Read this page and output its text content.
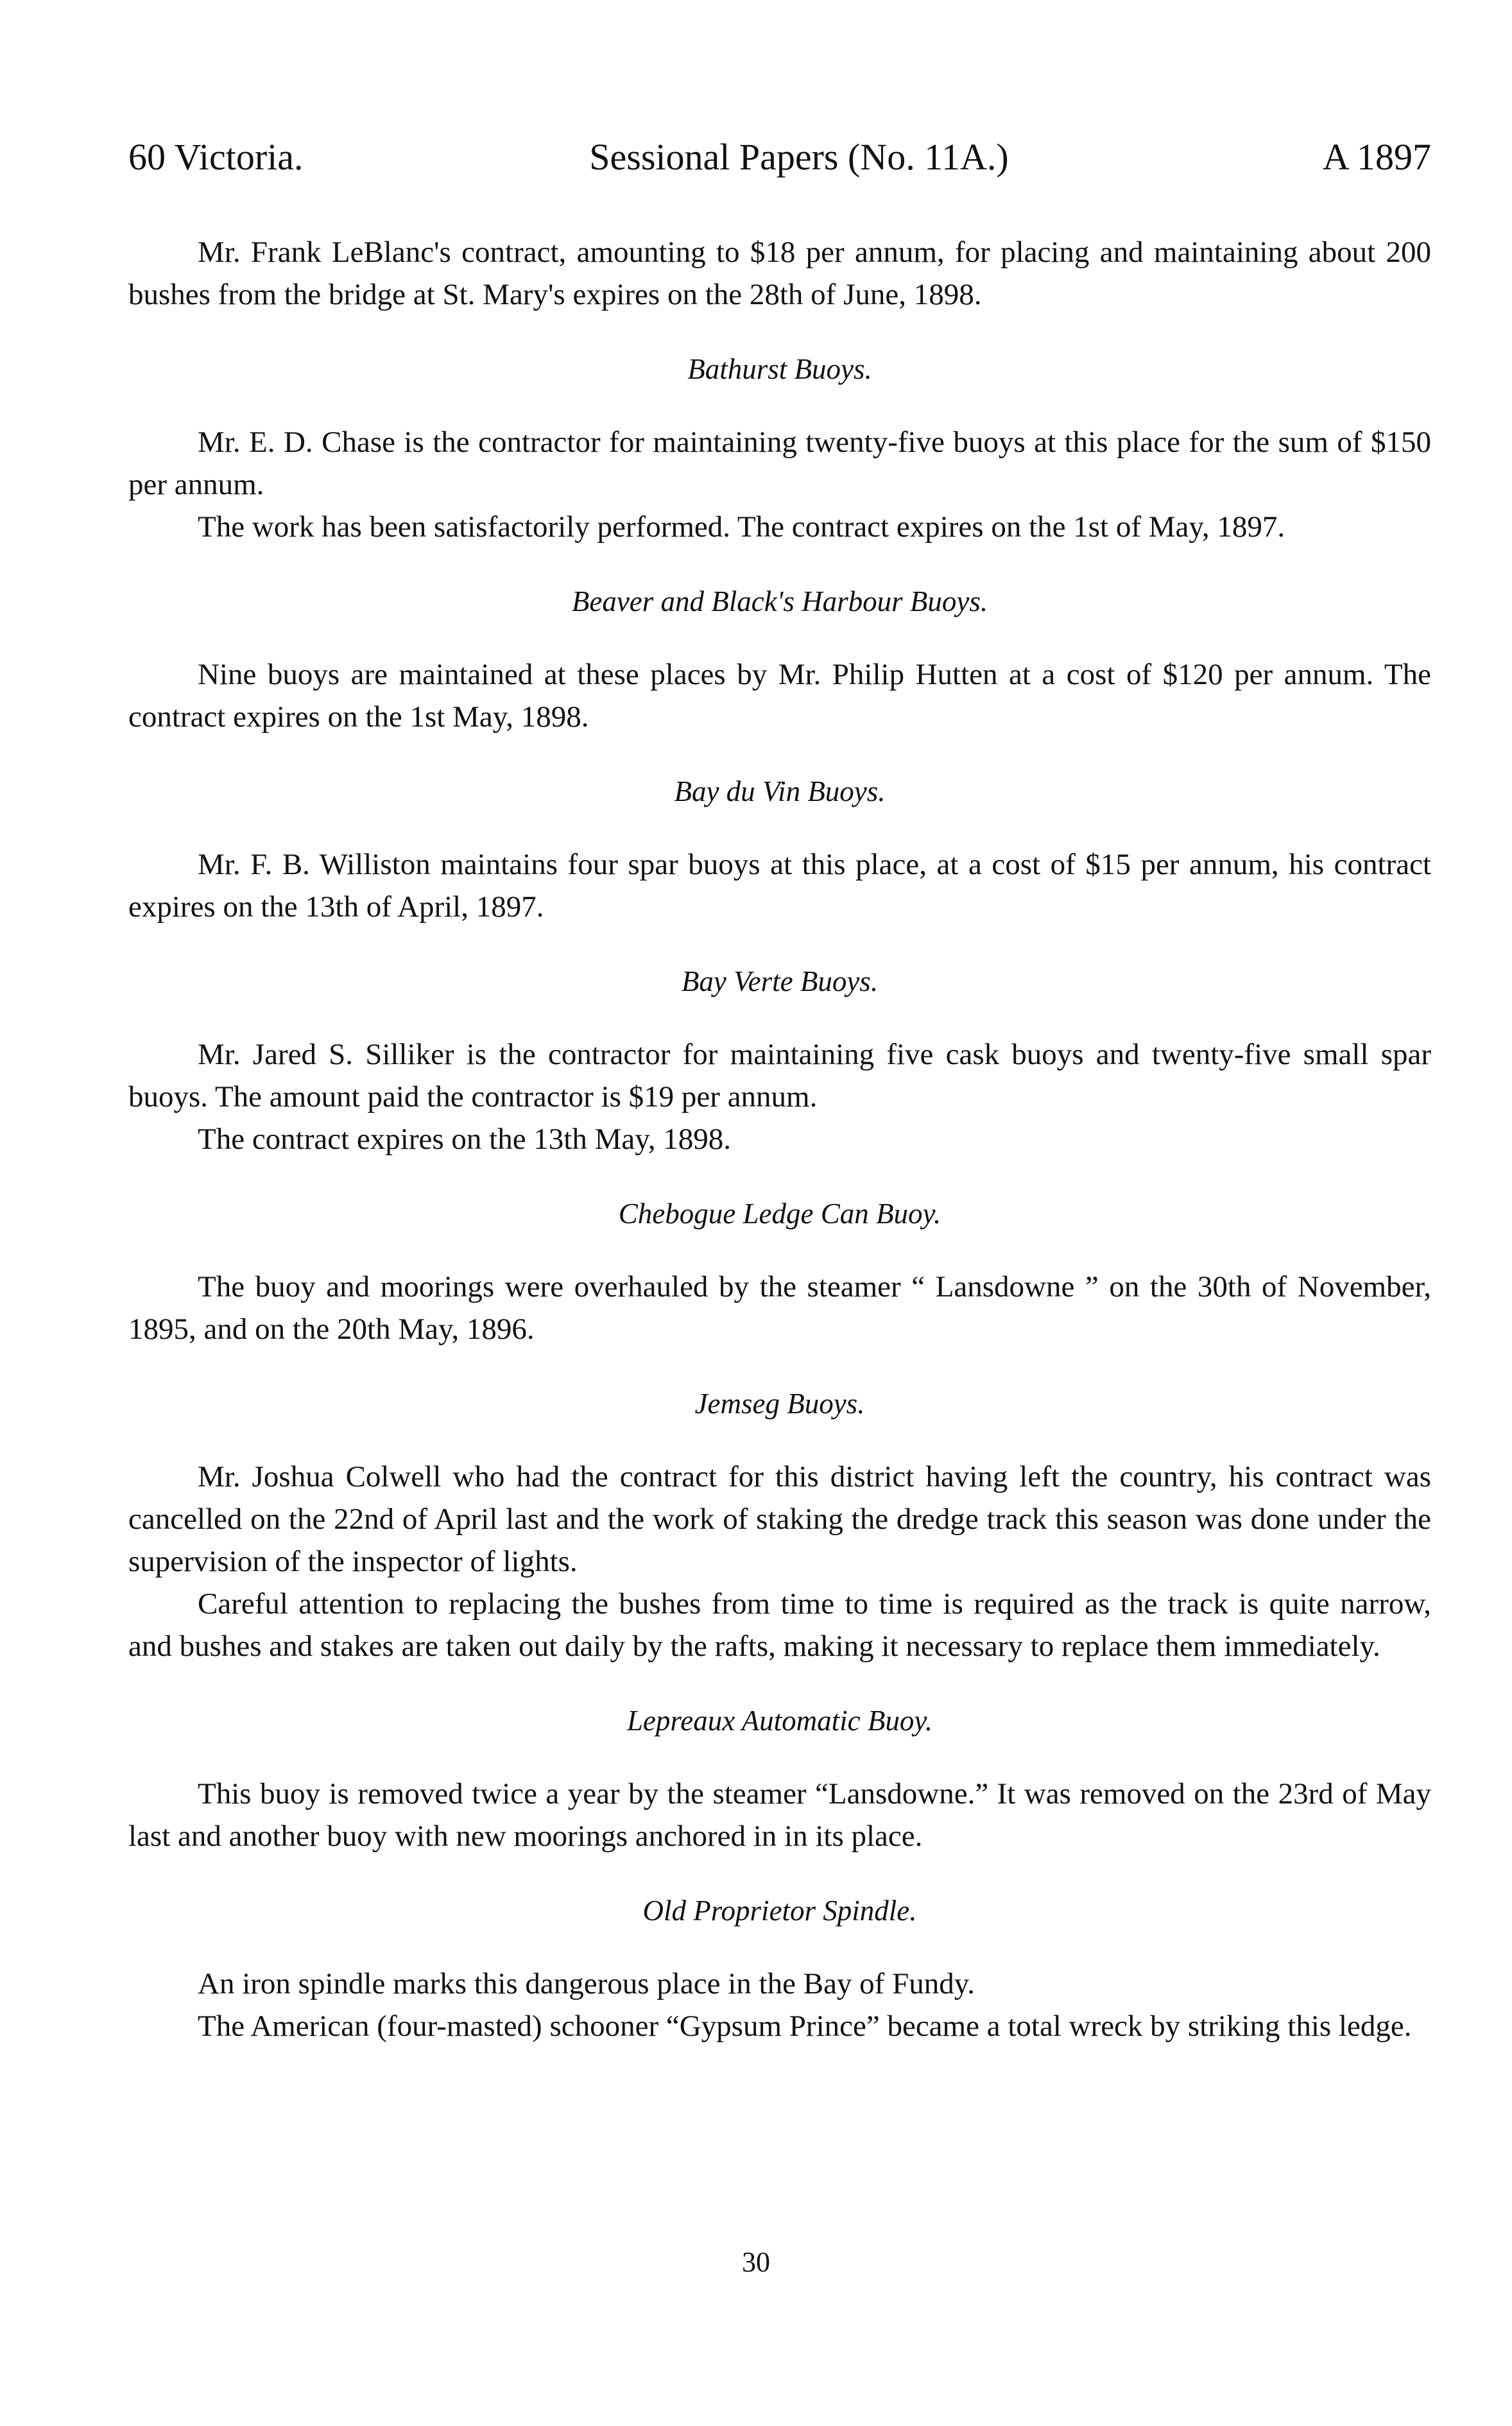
60 Victoria.	Sessional Papers (No. 11A.)	A 1897

Mr. Frank LeBlanc's contract, amounting to $18 per annum, for placing and maintaining about 200 bushes from the bridge at St. Mary's expires on the 28th of June, 1898.

Bathurst Buoys.

Mr. E. D. Chase is the contractor for maintaining twenty-five buoys at this place for the sum of $150 per annum.

The work has been satisfactorily performed. The contract expires on the 1st of May, 1897.

Beaver and Black's Harbour Buoys.

Nine buoys are maintained at these places by Mr. Philip Hutten at a cost of $120 per annum. The contract expires on the 1st May, 1898.

Bay du Vin Buoys.

Mr. F. B. Williston maintains four spar buoys at this place, at a cost of $15 per annum, his contract expires on the 13th of April, 1897.

Bay Verte Buoys.

Mr. Jared S. Silliker is the contractor for maintaining five cask buoys and twenty-five small spar buoys. The amount paid the contractor is $19 per annum.

The contract expires on the 13th May, 1898.

Chebogue Ledge Can Buoy.

The buoy and moorings were overhauled by the steamer “ Lansdowne ” on the 30th of November, 1895, and on the 20th May, 1896.

Jemseg Buoys.

Mr. Joshua Colwell who had the contract for this district having left the country, his contract was cancelled on the 22nd of April last and the work of staking the dredge track this season was done under the supervision of the inspector of lights.

Careful attention to replacing the bushes from time to time is required as the track is quite narrow, and bushes and stakes are taken out daily by the rafts, making it necessary to replace them immediately.

Lepreaux Automatic Buoy.

This buoy is removed twice a year by the steamer “Lansdowne.” It was removed on the 23rd of May last and another buoy with new moorings anchored in in its place.

Old Proprietor Spindle.

An iron spindle marks this dangerous place in the Bay of Fundy.

The American (four-masted) schooner “Gypsum Prince” became a total wreck by striking this ledge.

30
